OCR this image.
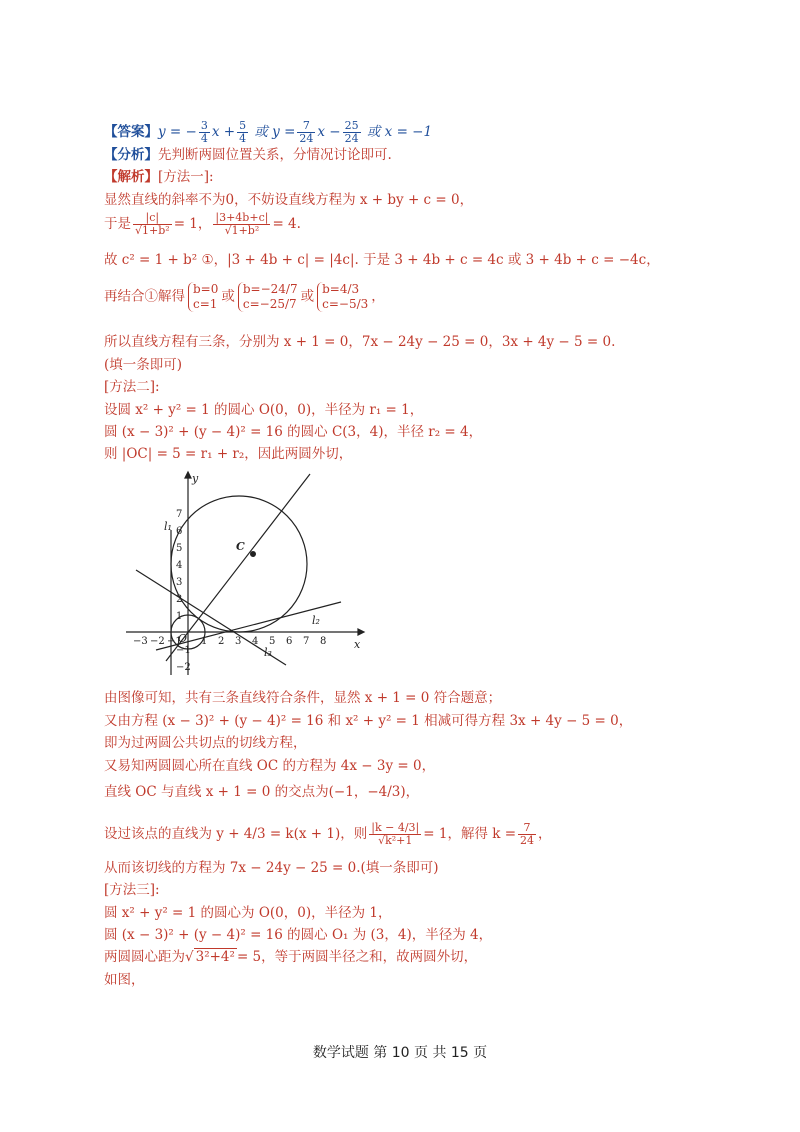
【答案】y = − $\frac{3}{4}$ $x + \frac{5}{4}$ 或 $y = \frac{7}{24}$ $x - \frac{25}{24}$ 或 x = −1
【分析】先判断两圆位置关系，分情况讨论即可.
【解析】[方法一]:
显然直线的斜率不为0，不妨设直线方程为 x + by + c = 0，
于是 $\frac{|c|}{\text{√1+b²}} = 1$， $\frac{|3+4b+c|}{\text{√1+b²}} = 4$.
故 c² = 1 + b² ①，|3 + 4b + c| = |4c|. 于是 3 + 4b + c = 4c 或 3 + 4b + c = −4c，
再结合①解得 b=0
c=1 或 b=−24/7
c=−25/7 或 b=4/3
c=−5/3 ，
所以直线方程有三条，分别为 x + 1 = 0，7x − 24y − 25 = 0，3x + 4y − 5 = 0.
(填一条即可)
[方法二]:
设圆 x² + y² = 1 的圆心 O(0，0)，半径为 r₁ = 1，
圆 (x − 3)² + (y − 4)² = 16 的圆心 C(3，4)，半径 r₂ = 4，
则 |OC| = 5 = r₁ + r₂，因此两圆外切，
C
O	x
y
l₁
l₂
l₃
−3 −2 −1 1 2 3 4 5 6 7 8
1
2
3
4
5
6
7
−1
−2
由图像可知，共有三条直线符合条件，显然 x + 1 = 0 符合题意；
又由方程 (x − 3)² + (y − 4)² = 16 和 x² + y² = 1 相减可得方程 3x + 4y − 5 = 0，
即为过两圆公共切点的切线方程，
又易知两圆圆心所在直线 OC 的方程为 4x − 3y = 0，
直线 OC 与直线 x + 1 = 0 的交点为(−1，−4/3)，
设过该点的直线为 y + 4/3 = k(x + 1)，则 $\frac{|k - 4/3|}{\text{√k²+1}} = 1$，解得 $k = \frac{7}{24}$ ，
从而该切线的方程为 7x − 24y − 25 = 0.(填一条即可)
[方法三]:
圆 x² + y² = 1 的圆心为 O(0，0)，半径为 1，
圆 (x − 3)² + (y − 4)² = 16 的圆心 O₁ 为 (3，4)，半径为 4，
两圆圆心距为√ 3²+4² = 5，等于两圆半径之和，故两圆外切，
如图，
数学试题 第 10 页 共 15 页
